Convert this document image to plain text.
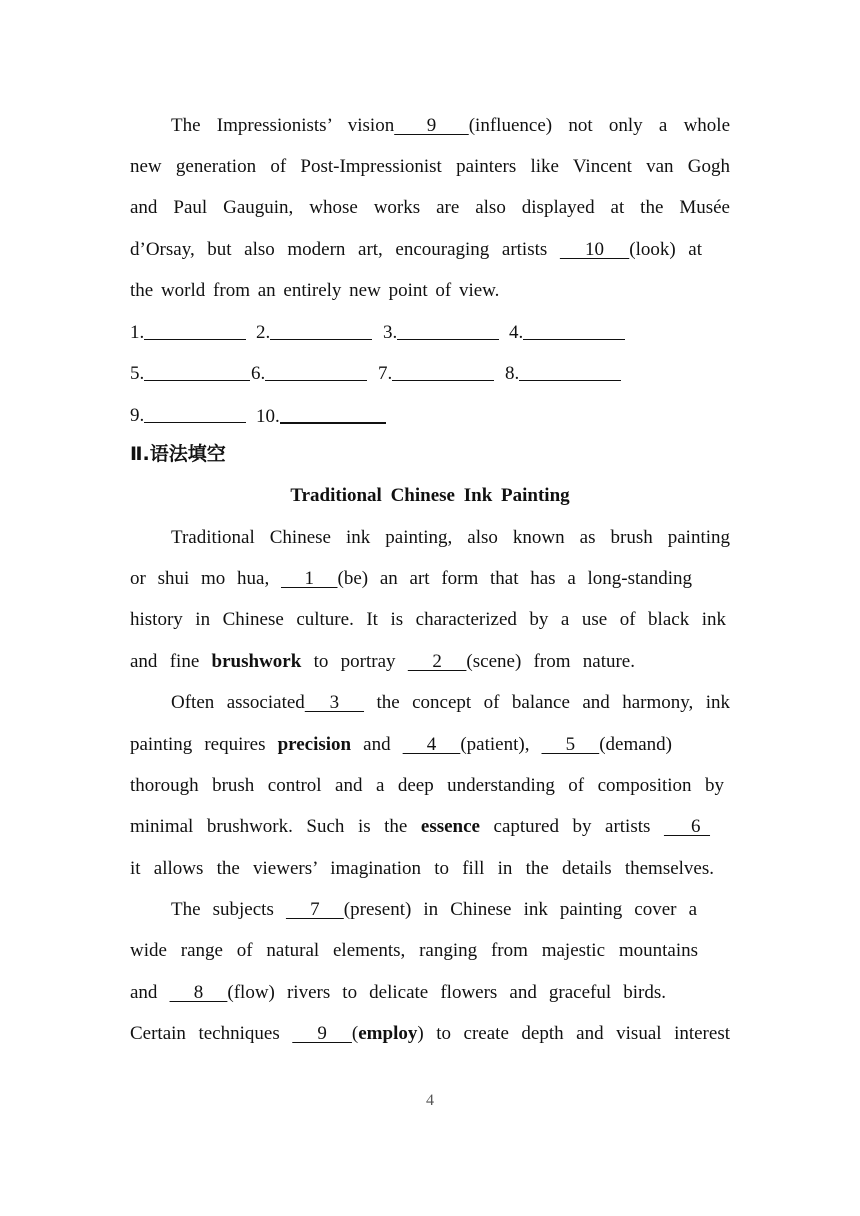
The Impressionists’ vision  9  (influence) not only a whole
new generation of Post-Impressionist painters like Vincent van Gogh
and Paul Gauguin, whose works are also displayed at the Musée
d’Orsay, but also modern art, encouraging artists   10  (look) at
the world from an entirely new point of view.
1.	2.	3.	4.
5.	6.	7.	8.
9.	10.
Ⅱ.语法填空
Traditional Chinese Ink Painting
Traditional Chinese ink painting, also known as brush painting
or shui mo hua,   1  (be) an art form that has a long-standing
history in Chinese culture. It is characterized by a use of black ink
and fine brushwork to portray   2  (scene) from nature.
Often associated  3   the concept of balance and harmony, ink
painting requires precision and   4  (patient),   5  (demand)
thorough brush control and a deep understanding of composition by
minimal brushwork. Such is the essence captured by artists   6
it allows the viewers’ imagination to fill in the details themselves.
The subjects   7  (present) in Chinese ink painting cover a
wide range of natural elements, ranging from majestic mountains
and   8  (flow) rivers to delicate flowers and graceful birds.
Certain techniques   9  (employ) to create depth and visual interest
4
